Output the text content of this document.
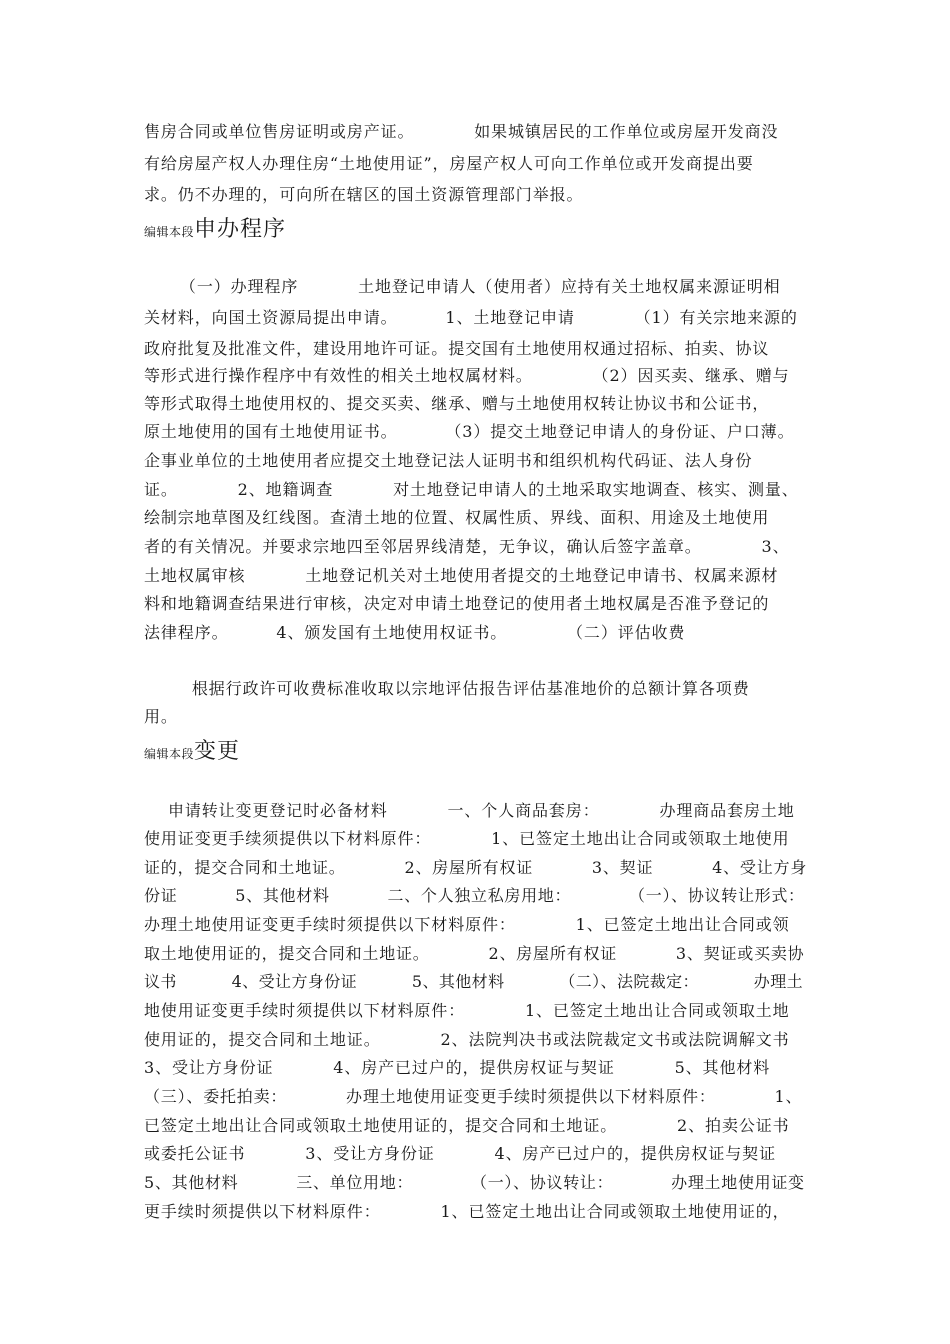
售房合同或单位售房证明或房产证。          如果城镇居民的工作单位或房屋开发商没
有给房屋产权人办理住房“土地使用证”，房屋产权人可向工作单位或开发商提出要
求。仍不办理的，可向所在辖区的国土资源管理部门举报。
编辑本段申办程序
（一）办理程序          土地登记申请人（使用者）应持有关土地权属来源证明相
关材料，向国土资源局提出申请。        1、土地登记申请          （1）有关宗地来源的
政府批复及批准文件，建设用地许可证。提交国有土地使用权通过招标、拍卖、协议
等形式进行操作程序中有效性的相关土地权属材料。          （2）因买卖、继承、赠与
等形式取得土地使用权的、提交买卖、继承、赠与土地使用权转让协议书和公证书，
原土地使用的国有土地使用证书。        （3）提交土地登记申请人的身份证、户口薄。
企事业单位的土地使用者应提交土地登记法人证明书和组织机构代码证、法人身份
证。          2、地籍调查          对土地登记申请人的土地采取实地调查、核实、测量、
绘制宗地草图及红线图。查清土地的位置、权属性质、界线、面积、用途及土地使用
者的有关情况。并要求宗地四至邻居界线清楚，无争议，确认后签字盖章。          3、
土地权属审核          土地登记机关对土地使用者提交的土地登记申请书、权属来源材
料和地籍调查结果进行审核，决定对申请土地登记的使用者土地权属是否准予登记的
法律程序。        4、颁发国有土地使用权证书。          （二）评估收费
根据行政许可收费标准收取以宗地评估报告评估基准地价的总额计算各项费
用。
编辑本段变更
申请转让变更登记时必备材料          一、个人商品套房：          办理商品套房土地
使用证变更手续须提供以下材料原件：          1、已签定土地出让合同或领取土地使用
证的，提交合同和土地证。          2、房屋所有权证          3、契证          4、受让方身
份证          5、其他材料          二、个人独立私房用地：          （一）、协议转让形式：
办理土地使用证变更手续时须提供以下材料原件：          1、已签定土地出让合同或领
取土地使用证的，提交合同和土地证。          2、房屋所有权证          3、契证或买卖协
议书          4、受让方身份证          5、其他材料          （二）、法院裁定：          办理土
地使用证变更手续时须提供以下材料原件：          1、已签定土地出让合同或领取土地
使用证的，提交合同和土地证。          2、法院判决书或法院裁定文书或法院调解文书
3、受让方身份证          4、房产已过户的，提供房权证与契证          5、其他材料
（三）、委托拍卖：          办理土地使用证变更手续时须提供以下材料原件：          1、
已签定土地出让合同或领取土地使用证的，提交合同和土地证。          2、拍卖公证书
或委托公证书          3、受让方身份证          4、房产已过户的，提供房权证与契证
5、其他材料          三、单位用地：          （一）、协议转让：          办理土地使用证变
更手续时须提供以下材料原件：          1、已签定土地出让合同或领取土地使用证的，
